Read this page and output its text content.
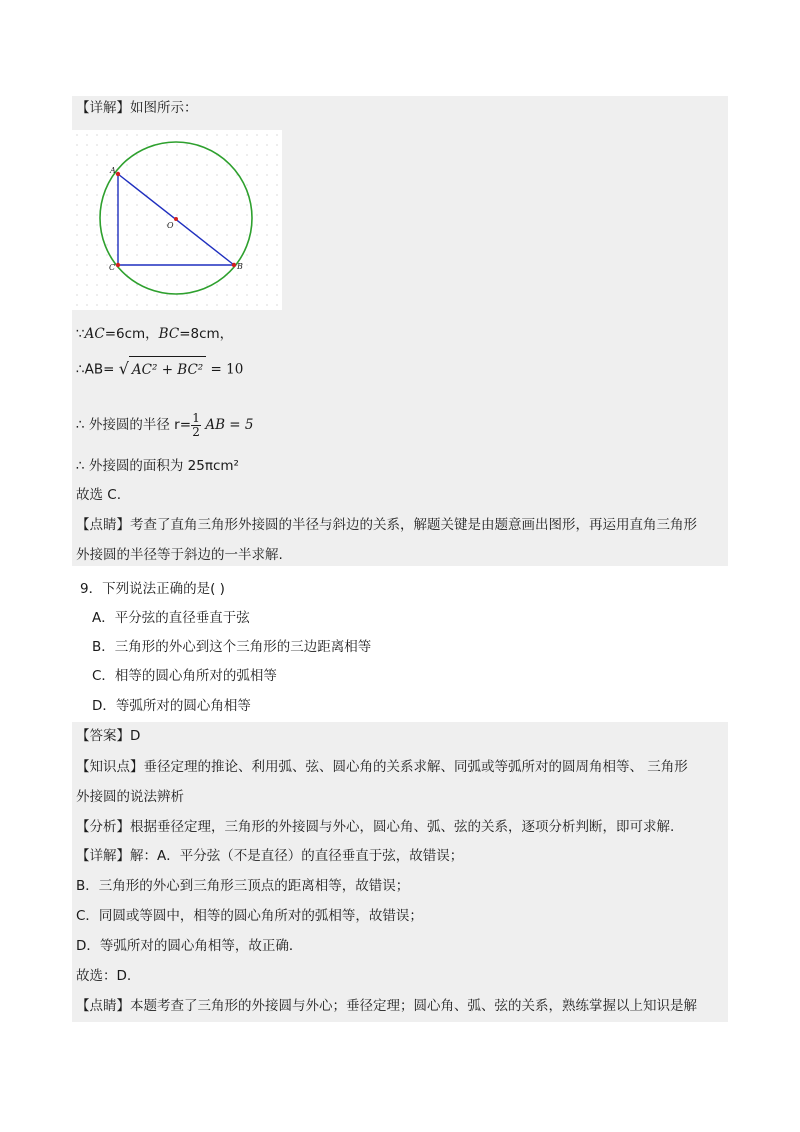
【详解】如图所示：
A
C	B
O
∵AC=6cm，BC=8cm，
∴AB= √ AC² + BC² = 10
∴ 外接圆的半径 $r= \frac{1}{2}$ AB = 5
∴ 外接圆的面积为 25πcm²
故选 C.
【点睛】考查了直角三角形外接圆的半径与斜边的关系，解题关键是由题意画出图形，再运用直角三角形
外接圆的半径等于斜边的一半求解.
9．下列说法正确的是( )
A．平分弦的直径垂直于弦
B．三角形的外心到这个三角形的三边距离相等
C．相等的圆心角所对的弧相等
D．等弧所对的圆心角相等
【答案】D
【知识点】垂径定理的推论、利用弧、弦、圆心角的关系求解、同弧或等弧所对的圆周角相等、 三角形
外接圆的说法辨析
【分析】根据垂径定理，三角形的外接圆与外心，圆心角、弧、弦的关系，逐项分析判断，即可求解.
【详解】解：A．平分弦（不是直径）的直径垂直于弦，故错误；
B．三角形的外心到三角形三顶点的距离相等，故错误；
C．同圆或等圆中，相等的圆心角所对的弧相等，故错误；
D．等弧所对的圆心角相等，故正确．
故选：D.
【点睛】本题考查了三角形的外接圆与外心；垂径定理；圆心角、弧、弦的关系，熟练掌握以上知识是解
